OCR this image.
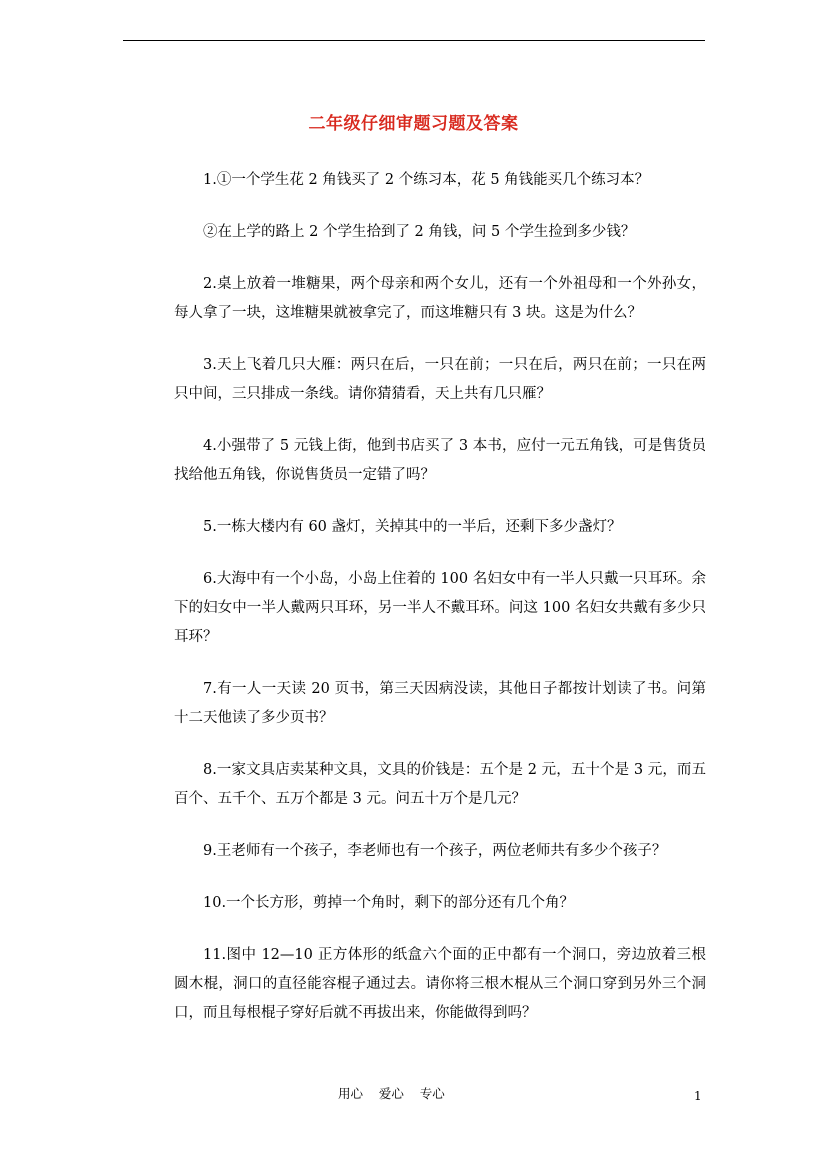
二年级仔细审题习题及答案

1.①一个学生花 2 角钱买了 2 个练习本，花 5 角钱能买几个练习本？

②在上学的路上 2 个学生拾到了 2 角钱，问 5 个学生捡到多少钱？

2.桌上放着一堆糖果，两个母亲和两个女儿，还有一个外祖母和一个外孙女，每人拿了一块，这堆糖果就被拿完了，而这堆糖只有 3 块。这是为什么？

3.天上飞着几只大雁：两只在后，一只在前；一只在后，两只在前；一只在两只中间，三只排成一条线。请你猜猜看，天上共有几只雁？

4.小强带了 5 元钱上街，他到书店买了 3 本书，应付一元五角钱，可是售货员找给他五角钱，你说售货员一定错了吗？

5.一栋大楼内有 60 盏灯，关掉其中的一半后，还剩下多少盏灯？

6.大海中有一个小岛，小岛上住着的 100 名妇女中有一半人只戴一只耳环。余下的妇女中一半人戴两只耳环，另一半人不戴耳环。问这 100 名妇女共戴有多少只耳环？

7.有一人一天读 20 页书，第三天因病没读，其他日子都按计划读了书。问第十二天他读了多少页书？

8.一家文具店卖某种文具，文具的价钱是：五个是 2 元，五十个是 3 元，而五百个、五千个、五万个都是 3 元。问五十万个是几元？

9.王老师有一个孩子，李老师也有一个孩子，两位老师共有多少个孩子？

10.一个长方形，剪掉一个角时，剩下的部分还有几个角？

11.图中 12—10 正方体形的纸盒六个面的正中都有一个洞口，旁边放着三根圆木棍，洞口的直径能容棍子通过去。请你将三根木棍从三个洞口穿到另外三个洞口，而且每根棍子穿好后就不再拔出来，你能做得到吗？

用心    爱心    专心	1
